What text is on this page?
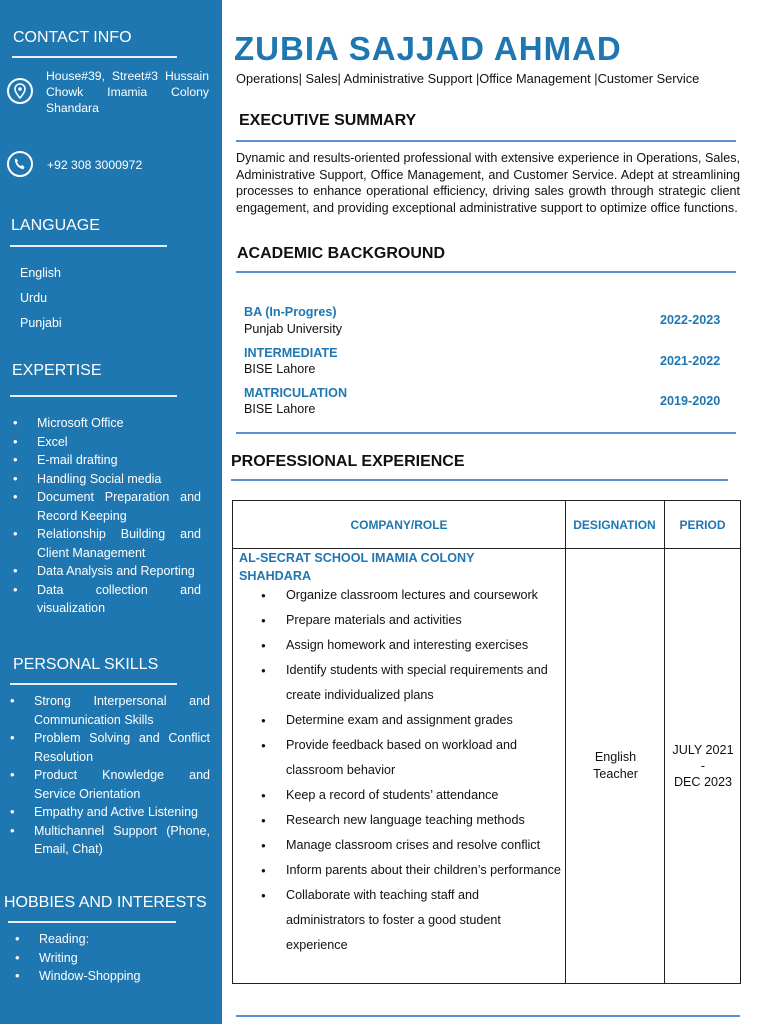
CONTACT INFO
House#39, Street#3 Hussain Chowk Imamia Colony Shandara
+92 308 3000972
LANGUAGE
English
Urdu
Punjabi
EXPERTISE
• Microsoft Office
• Excel
• E-mail drafting
• Handling Social media
• Document Preparation and Record Keeping
• Relationship Building and Client Management
• Data Analysis and Reporting
• Data collection and visualization
PERSONAL SKILLS
• Strong Interpersonal and Communication Skills
• Problem Solving and Conflict Resolution
• Product Knowledge and Service Orientation
• Empathy and Active Listening
• Multichannel Support (Phone, Email, Chat)
HOBBIES AND INTERESTS
• Reading:
• Writing
• Window-Shopping
ZUBIA SAJJAD AHMAD
Operations| Sales| Administrative Support |Office Management |Customer Service
EXECUTIVE SUMMARY
Dynamic and results-oriented professional with extensive experience in Operations, Sales, Administrative Support, Office Management, and Customer Service. Adept at streamlining processes to enhance operational efficiency, driving sales growth through strategic client engagement, and providing exceptional administrative support to optimize office functions.
ACADEMIC BACKGROUND
BA (In-Progres)
Punjab University
2022-2023
INTERMEDIATE
BISE Lahore
2021-2022
MATRICULATION
BISE Lahore
2019-2020
PROFESSIONAL EXPERIENCE
COMPANY/ROLE	DESIGNATION	PERIOD
AL-SECRAT SCHOOL IMAMIA COLONY SHAHDARA
● Organize classroom lectures and coursework
● Prepare materials and activities
● Assign homework and interesting exercises
● Identify students with special requirements and create individualized plans
● Determine exam and assignment grades
● Provide feedback based on workload and classroom behavior
● Keep a record of students’ attendance
● Research new language teaching methods
● Manage classroom crises and resolve conflict
● Inform parents about their children’s performance
● Collaborate with teaching staff and administrators to foster a good student experience
English
Teacher
JULY 2021
-
DEC 2023
